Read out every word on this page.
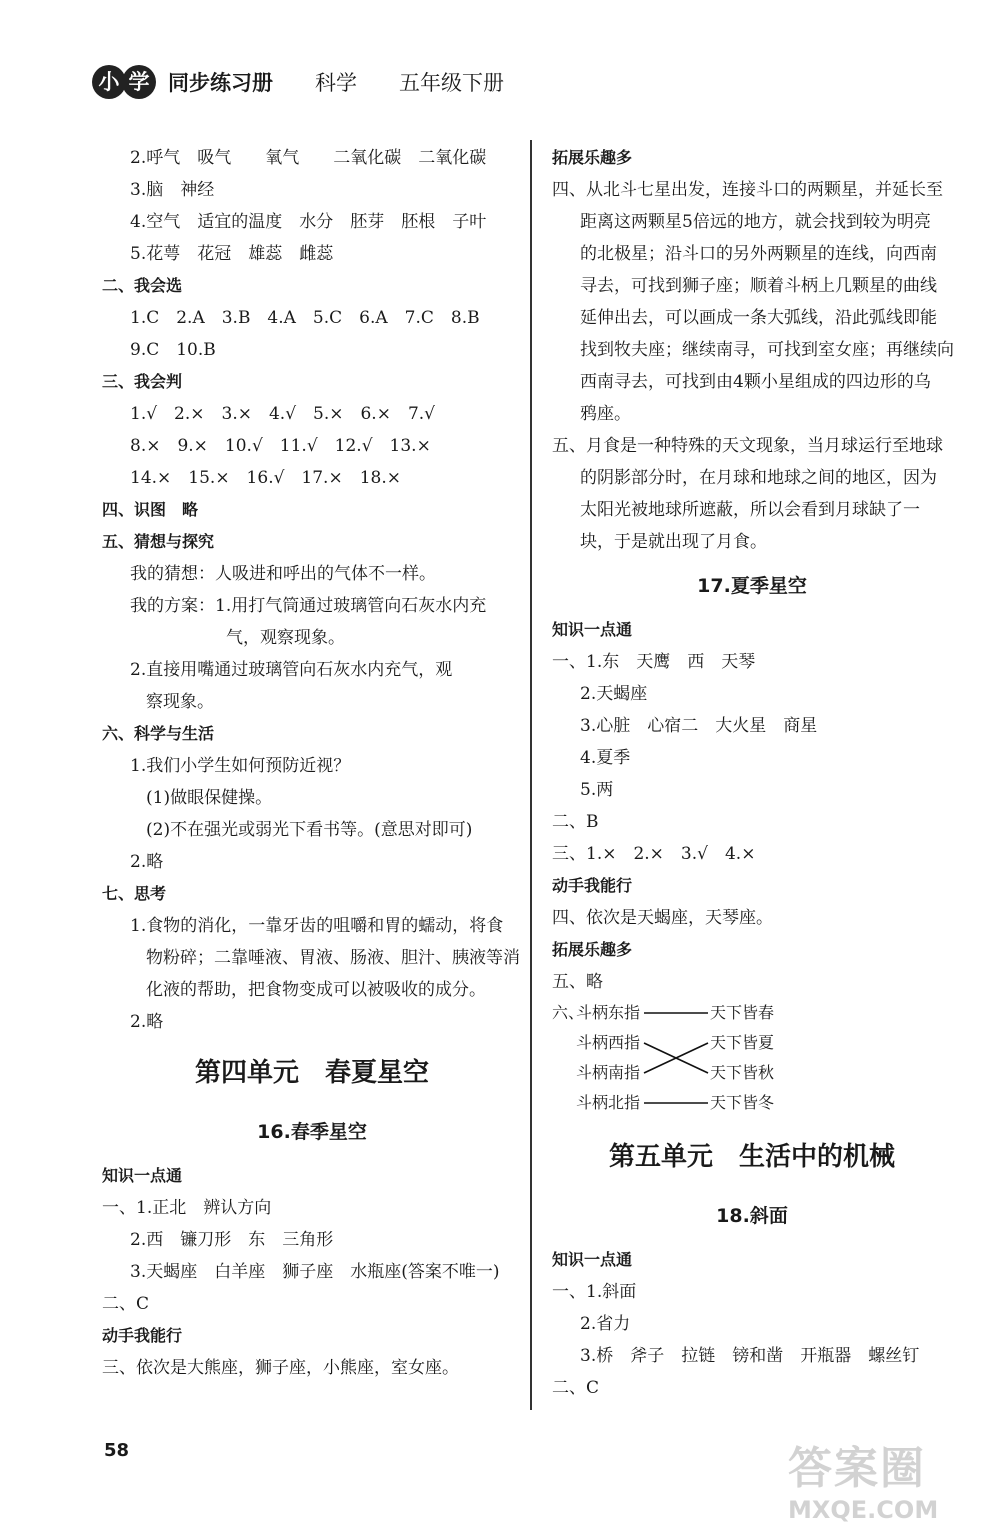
小 学 同步练习册 科学 五年级下册
2.呼气　吸气　　氧气　　二氧化碳　二氧化碳
3.脑　神经
4.空气　适宜的温度　水分　胚芽　胚根　子叶
5.花萼　花冠　雄蕊　雌蕊
二、我会选
1.C　2.A　3.B　4.A　5.C　6.A　7.C　8.B
9.C　10.B
三、我会判
1.√　2.×　3.×　4.√　5.×　6.×　7.√
8.×　9.×　10.√　11.√　12.√　13.×
14.×　15.×　16.√　17.×　18.×
四、识图　略
五、猜想与探究
我的猜想：人吸进和呼出的气体不一样。
我的方案：1.用打气筒通过玻璃管向石灰水内充
气，观察现象。
2.直接用嘴通过玻璃管向石灰水内充气，观
察现象。
六、科学与生活
1.我们小学生如何预防近视？
(1)做眼保健操。
(2)不在强光或弱光下看书等。(意思对即可)
2.略
七、思考
1.食物的消化，一靠牙齿的咀嚼和胃的蠕动，将食
物粉碎；二靠唾液、胃液、肠液、胆汁、胰液等消
化液的帮助，把食物变成可以被吸收的成分。
2.略
第四单元　春夏星空
16.春季星空
知识一点通
一、1.正北　辨认方向
2.西　镰刀形　东　三角形
3.天蝎座　白羊座　狮子座　水瓶座(答案不唯一)
二、C
动手我能行
三、依次是大熊座，狮子座，小熊座，室女座。
拓展乐趣多
四、从北斗七星出发，连接斗口的两颗星，并延长至
距离这两颗星5倍远的地方，就会找到较为明亮
的北极星；沿斗口的另外两颗星的连线，向西南
寻去，可找到狮子座；顺着斗柄上几颗星的曲线
延伸出去，可以画成一条大弧线，沿此弧线即能
找到牧夫座；继续南寻，可找到室女座；再继续向
西南寻去，可找到由4颗小星组成的四边形的乌
鸦座。
五、月食是一种特殊的天文现象，当月球运行至地球
的阴影部分时，在月球和地球之间的地区，因为
太阳光被地球所遮蔽，所以会看到月球缺了一
块，于是就出现了月食。
17.夏季星空
知识一点通
一、1.东　天鹰　西　天琴
2.天蝎座
3.心脏　心宿二　大火星　商星
4.夏季
5.两
二、B
三、1.×　2.×　3.√　4.×
动手我能行
四、依次是天蝎座，天琴座。
拓展乐趣多
五、略
六、
斗柄东指
斗柄西指
斗柄南指
斗柄北指
天下皆春
天下皆夏
天下皆秋
天下皆冬
第五单元　生活中的机械
18.斜面
知识一点通
一、1.斜面
2.省力
3.桥　斧子　拉链　镑和凿　开瓶器　螺丝钉
二、C
58	答案圈
MXQE.COM
